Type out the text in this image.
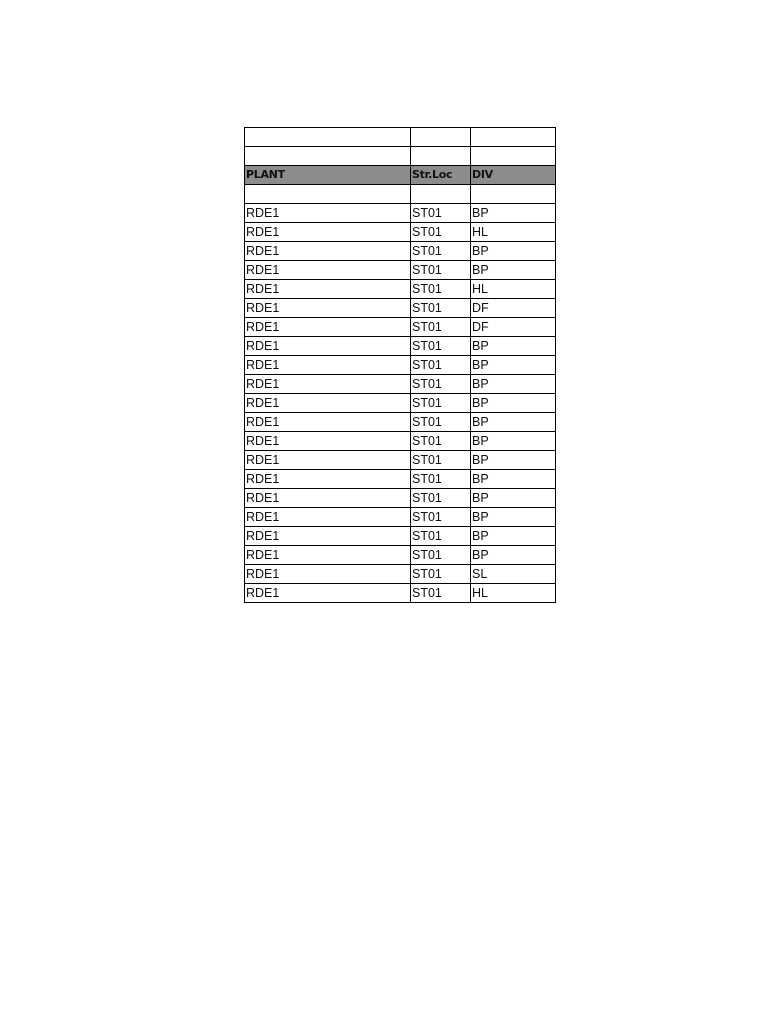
PLANT	Str.Loc	DIV

RDE1	ST01	BP
RDE1	ST01	HL
RDE1	ST01	BP
RDE1	ST01	BP
RDE1	ST01	HL
RDE1	ST01	DF
RDE1	ST01	DF
RDE1	ST01	BP
RDE1	ST01	BP
RDE1	ST01	BP
RDE1	ST01	BP
RDE1	ST01	BP
RDE1	ST01	BP
RDE1	ST01	BP
RDE1	ST01	BP
RDE1	ST01	BP
RDE1	ST01	BP
RDE1	ST01	BP
RDE1	ST01	BP
RDE1	ST01	SL
RDE1	ST01	HL
